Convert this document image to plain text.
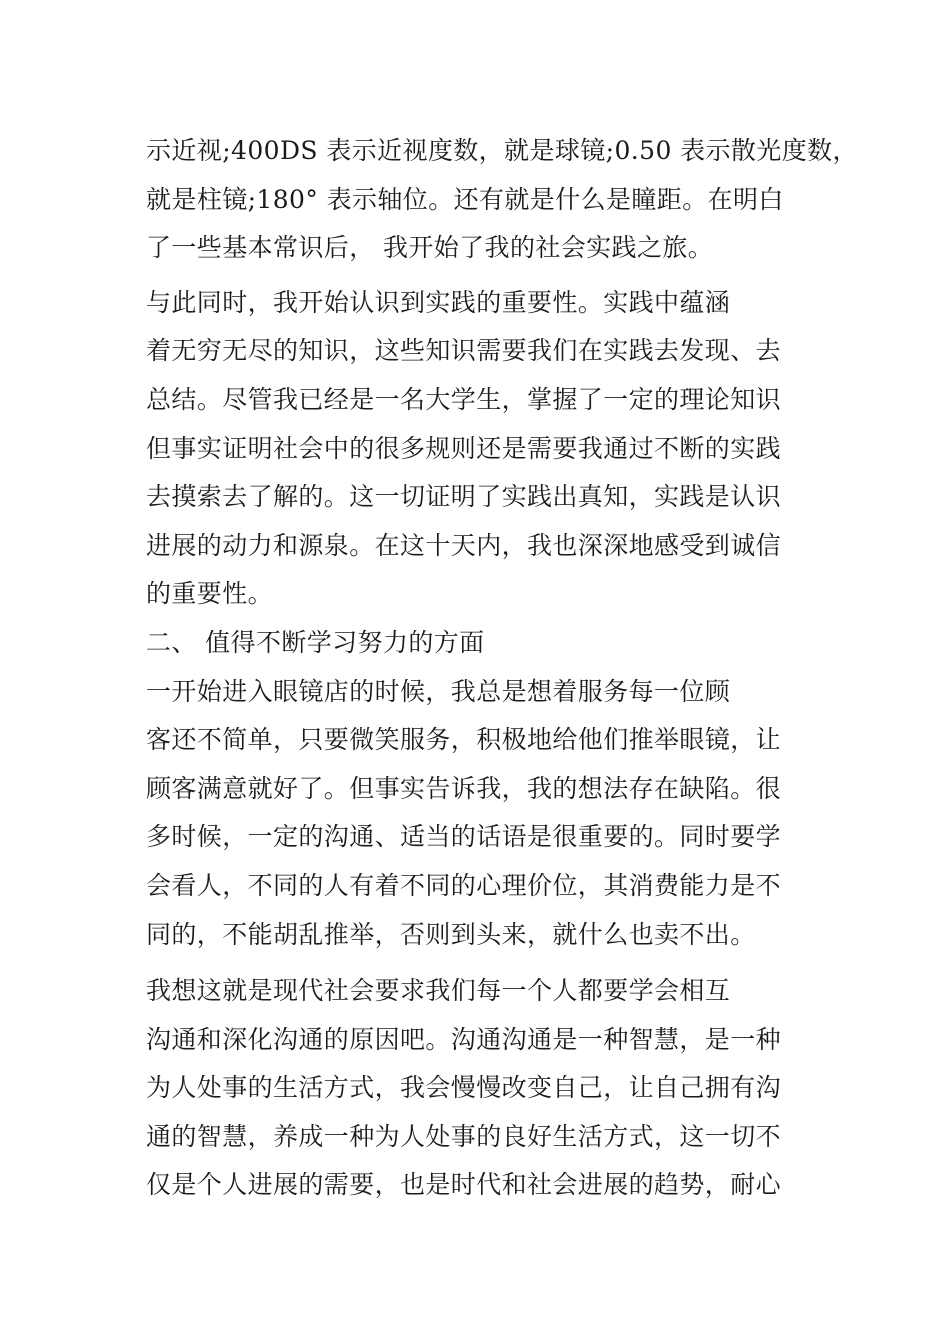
示近视;400DS 表示近视度数，就是球镜;0.50 表示散光度数，
就是柱镜;180° 表示轴位。还有就是什么是瞳距。在明白
了一些基本常识后， 我开始了我的社会实践之旅。
与此同时，我开始认识到实践的重要性。实践中蕴涵
着无穷无尽的知识，这些知识需要我们在实践去发现、去
总结。尽管我已经是一名大学生，掌握了一定的理论知识
但事实证明社会中的很多规则还是需要我通过不断的实践
去摸索去了解的。这一切证明了实践出真知，实践是认识
进展的动力和源泉。在这十天内，我也深深地感受到诚信
的重要性。
二、 值得不断学习努力的方面
一开始进入眼镜店的时候，我总是想着服务每一位顾
客还不简单，只要微笑服务，积极地给他们推举眼镜，让
顾客满意就好了。但事实告诉我，我的想法存在缺陷。很
多时候，一定的沟通、适当的话语是很重要的。同时要学
会看人，不同的人有着不同的心理价位，其消费能力是不
同的，不能胡乱推举，否则到头来，就什么也卖不出。
我想这就是现代社会要求我们每一个人都要学会相互
沟通和深化沟通的原因吧。沟通沟通是一种智慧，是一种
为人处事的生活方式，我会慢慢改变自己，让自己拥有沟
通的智慧，养成一种为人处事的良好生活方式，这一切不
仅是个人进展的需要，也是时代和社会进展的趋势，耐心
